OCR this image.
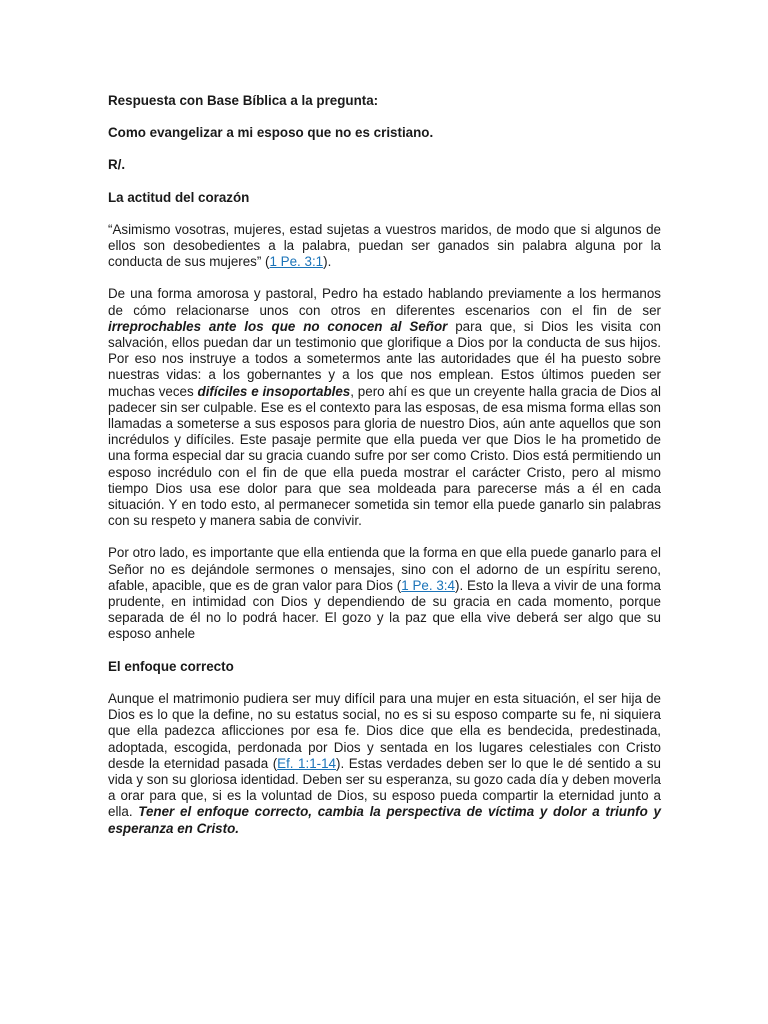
Respuesta con Base Bíblica a la pregunta:
Como evangelizar a mi esposo que no es cristiano.
R/.
La actitud del corazón

“Asimismo vosotras, mujeres, estad sujetas a vuestros maridos, de modo que si algunos de ellos son desobedientes a la palabra, puedan ser ganados sin palabra alguna por la conducta de sus mujeres” (1 Pe. 3:1).

De una forma amorosa y pastoral, Pedro ha estado hablando previamente a los hermanos de cómo relacionarse unos con otros en diferentes escenarios con el fin de ser irreprochables ante los que no conocen al Señor para que, si Dios les visita con salvación, ellos puedan dar un testimonio que glorifique a Dios por la conducta de sus hijos. Por eso nos instruye a todos a sometermos ante las autoridades que él ha puesto sobre nuestras vidas: a los gobernantes y a los que nos emplean. Estos últimos pueden ser muchas veces difíciles e insoportables, pero ahí es que un creyente halla gracia de Dios al padecer sin ser culpable. Ese es el contexto para las esposas, de esa misma forma ellas son llamadas a someterse a sus esposos para gloria de nuestro Dios, aún ante aquellos que son incrédulos y difíciles. Este pasaje permite que ella pueda ver que Dios le ha prometido de una forma especial dar su gracia cuando sufre por ser como Cristo. Dios está permitiendo un esposo incrédulo con el fin de que ella pueda mostrar el carácter Cristo, pero al mismo tiempo Dios usa ese dolor para que sea moldeada para parecerse más a él en cada situación. Y en todo esto, al permanecer sometida sin temor ella puede ganarlo sin palabras con su respeto y manera sabia de convivir.

Por otro lado, es importante que ella entienda que la forma en que ella puede ganarlo para el Señor no es dejándole sermones o mensajes, sino con el adorno de un espíritu sereno, afable, apacible, que es de gran valor para Dios (1 Pe. 3:4). Esto la lleva a vivir de una forma prudente, en intimidad con Dios y dependiendo de su gracia en cada momento, porque separada de él no lo podrá hacer. El gozo y la paz que ella vive deberá ser algo que su esposo anhele

El enfoque correcto

Aunque el matrimonio pudiera ser muy difícil para una mujer en esta situación, el ser hija de Dios es lo que la define, no su estatus social, no es si su esposo comparte su fe, ni siquiera que ella padezca aflicciones por esa fe. Dios dice que ella es bendecida, predestinada, adoptada, escogida, perdonada por Dios y sentada en los lugares celestiales con Cristo desde la eternidad pasada (Ef. 1:1-14). Estas verdades deben ser lo que le dé sentido a su vida y son su gloriosa identidad. Deben ser su esperanza, su gozo cada día y deben moverla a orar para que, si es la voluntad de Dios, su esposo pueda compartir la eternidad junto a ella. Tener el enfoque correcto, cambia la perspectiva de víctima y dolor a triunfo y esperanza en Cristo.
